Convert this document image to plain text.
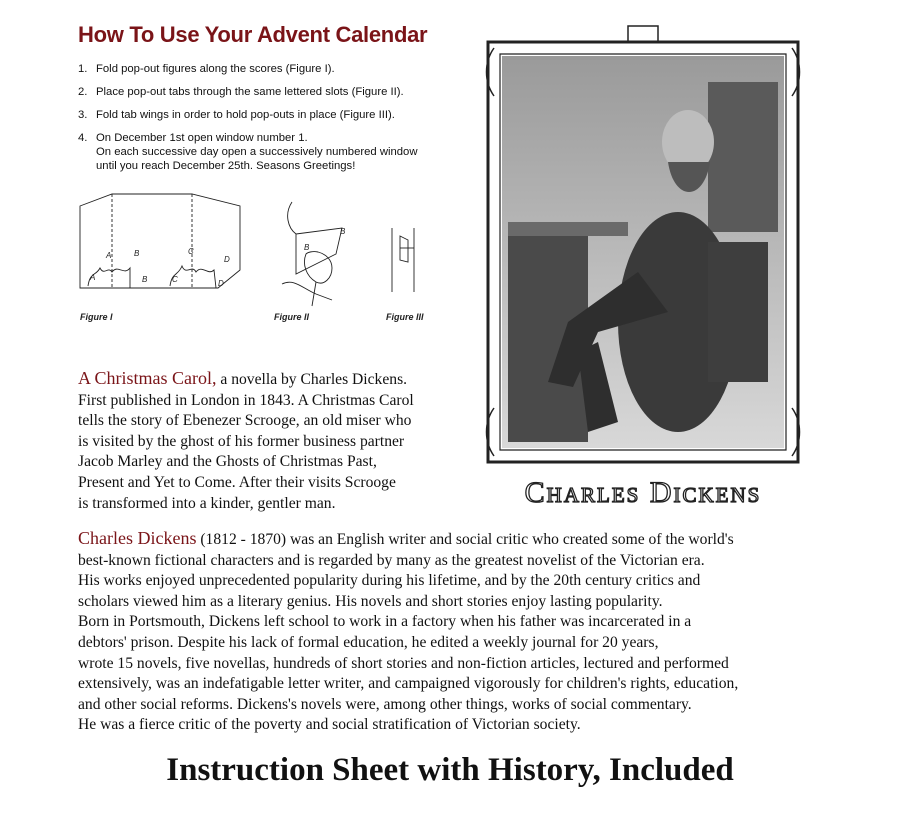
How To Use Your Advent Calendar
1. Fold pop-out figures along the scores (Figure I).
2. Place pop-out tabs through the same lettered slots (Figure II).
3. Fold tab wings in order to hold pop-outs in place (Figure III).
4. On December 1st open window number 1.
On each successive day open a successively numbered window
until you reach December 25th. Seasons Greetings!
A	B
B
C
C
D
D
A
B
B
Figure I	Figure II	Figure III

A Christmas Carol, a novella by Charles Dickens.
First published in London in 1843. A Christmas Carol
tells the story of Ebenezer Scrooge, an old miser who
is visited by the ghost of his former business partner
Jacob Marley and the Ghosts of Christmas Past,
Present and Yet to Come. After their visits Scrooge
is transformed into a kinder, gentler man.	Charles Dickens

Charles Dickens (1812 - 1870) was an English writer and social critic who created some of the world's
best-known fictional characters and is regarded by many as the greatest novelist of the Victorian era.
His works enjoyed unprecedented popularity during his lifetime, and by the 20th century critics and
scholars viewed him as a literary genius. His novels and short stories enjoy lasting popularity.
Born in Portsmouth, Dickens left school to work in a factory when his father was incarcerated in a
debtors' prison. Despite his lack of formal education, he edited a weekly journal for 20 years,
wrote 15 novels, five novellas, hundreds of short stories and non-fiction articles, lectured and performed
extensively, was an indefatigable letter writer, and campaigned vigorously for children's rights, education,
and other social reforms. Dickens's novels were, among other things, works of social commentary.
He was a fierce critic of the poverty and social stratification of Victorian society.

Instruction Sheet with History, Included
